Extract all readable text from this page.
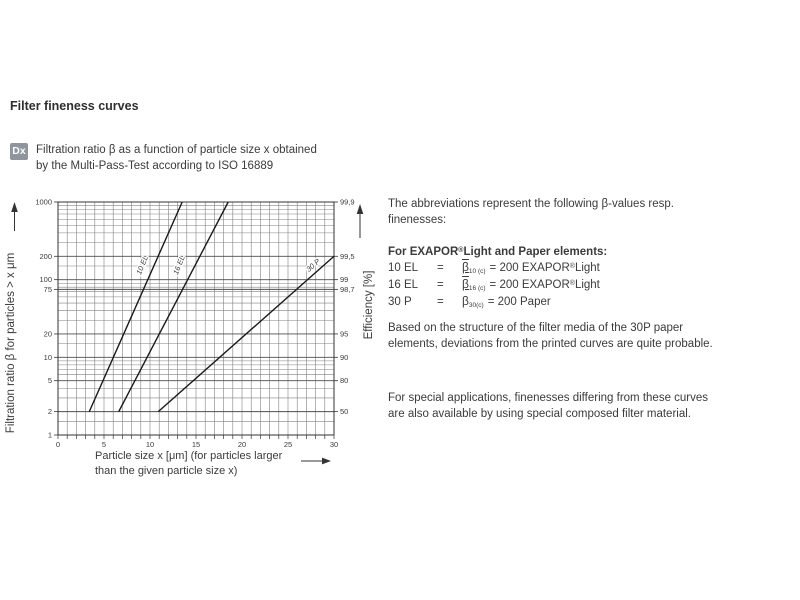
Filter fineness curves
Dx Filtration ratio β as a function of particle size x obtained
by the Multi-Pass-Test according to ISO 16889
1000
200
100
75
20
10
5
2
1
99,9
99,5
99
98,7
95
90
80
50
0	5	10	15	20	25	30
10 EL	16 EL	30 P
Filtration ratio β for particles > x μm	Efficiency [%]
Particle size x [μm] (for particles larger
than the given particle size x)
The abbreviations represent the following β-values resp.
finenesses:
For EXAPOR®Light and Paper elements:
10 EL	=	$\beta_{10 (c)} = 200$ EXAPOR®Light
16 EL	=	$\beta_{16 (c)} = 200$ EXAPOR®Light
30 P	=	$\beta_{30(c)} = 200$ Paper
Based on the structure of the filter media of the 30P paper
elements, deviations from the printed curves are quite probable.
For special applications, finenesses differing from these curves
are also available by using special composed filter material.
